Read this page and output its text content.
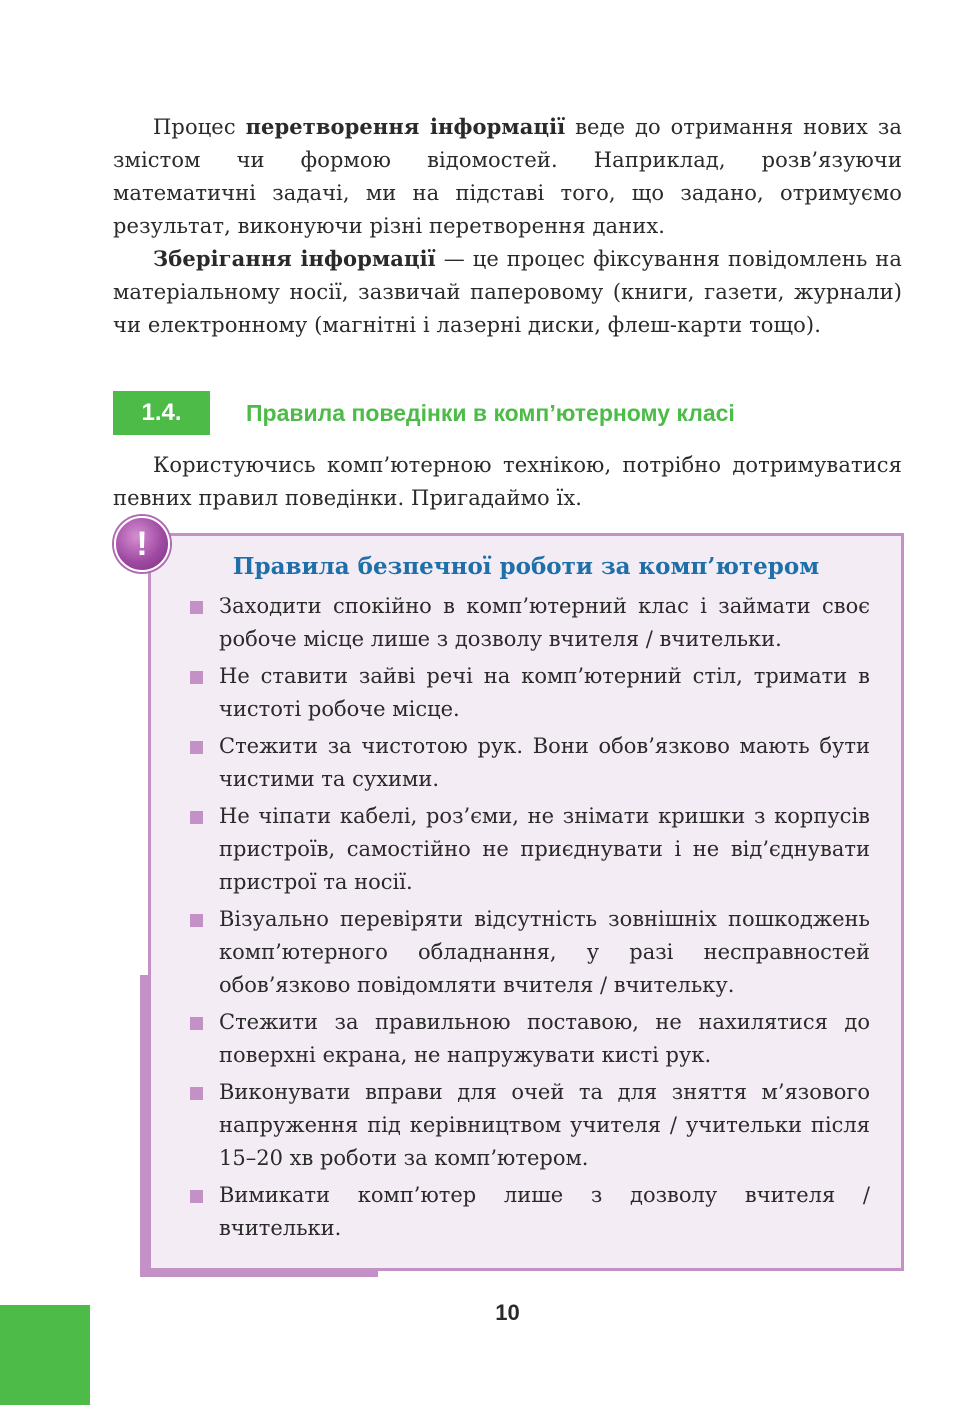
Процес перетворення інформації веде до отримання нових за змістом чи формою відомостей. Наприклад, розв’язуючи математичні задачі, ми на підставі того, що задано, отримуємо результат, виконуючи різні перетворення даних.

Зберігання інформації — це процес фіксування повідомлень на матеріальному носії, зазвичай паперовому (книги, газети, журнали) чи електронному (магнітні і лазерні диски, флеш-карти тощо).

1.4.	Правила поведінки в комп’ютерному класі

Користуючись комп’ютерною технікою, потрібно дотримуватися певних правил поведінки. Пригадаймо їх.

!
Правила безпечної роботи за комп’ютером
Заходити спокійно в комп’ютерний клас і займати своє робоче місце лише з дозволу вчителя / вчительки.
Не ставити зайві речі на комп’ютерний стіл, тримати в чистоті робоче місце.
Стежити за чистотою рук. Вони обов’язково мають бути чистими та сухими.
Не чіпати кабелі, роз’єми, не знімати кришки з корпусів пристроїв, самостійно не приєднувати і не від’єднувати пристрої та носії.
Візуально перевіряти відсутність зовнішніх пошкоджень комп’ютерного обладнання, у разі несправностей обов’язково повідомляти вчителя / вчительку.
Стежити за правильною поставою, не нахилятися до поверхні екрана, не напружувати кисті рук.
Виконувати вправи для очей та для зняття м’язового напруження під керівництвом учителя / учительки після 15–20 хв роботи за комп’ютером.
Вимикати комп’ютер лише з дозволу вчителя / вчительки.
10
